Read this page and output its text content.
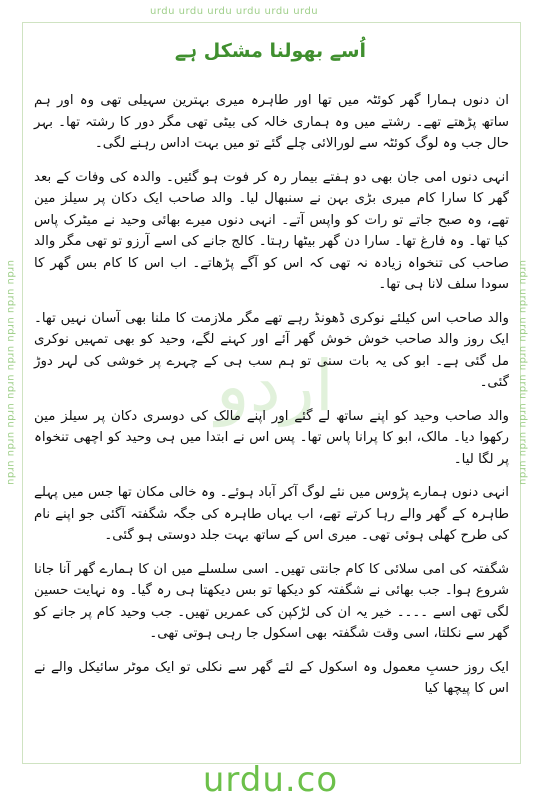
urdu urdu urdu urdu urdu urdu
urdu urdu urdu urdu urdu urdu urdu urdu	urdu urdu urdu urdu urdu urdu urdu urdu
اُسے بھولنا مشکل ہے
اردو

ان دنوں ہمارا گھر کوئٹہ میں تھا اور طاہرہ میری بہترین سہیلی تھی وہ اور ہم ساتھ پڑھتے تھے۔ رشتے میں وہ ہماری خالہ کی بیٹی تھی مگر دور کا رشتہ تھا۔ بہر حال جب وہ لوگ کوئٹہ سے لورالائی چلے گئے تو میں بہت اداس رہنے لگی۔

انہی دنوں امی جان بھی دو ہفتے بیمار رہ کر فوت ہو گئیں۔ والدہ کی وفات کے بعد گھر کا سارا کام میری بڑی بہن نے سنبھال لیا۔ والد صاحب ایک دکان پر سیلز مین تھے، وہ صبح جاتے تو رات کو واپس آتے۔ انہی دنوں میرے بھائی وحید نے میٹرک پاس کیا تھا۔ وہ فارغ تھا۔ سارا دن گھر بیٹھا رہتا۔ کالج جانے کی اسے آرزو تو تھی مگر والد صاحب کی تنخواہ زیادہ نہ تھی کہ اس کو آگے پڑھاتے۔ اب اس کا کام بس گھر کا سودا سلف لانا ہی تھا۔

والد صاحب اس کیلئے نوکری ڈھونڈ رہے تھے مگر ملازمت کا ملنا بھی آسان نہیں تھا۔ ایک روز والد صاحب خوش خوش گھر آئے اور کہنے لگے، وحید کو بھی تمہیں نوکری مل گئی ہے۔ ابو کی یہ بات سنی تو ہم سب ہی کے چہرے پر خوشی کی لہر دوڑ گئی۔

والد صاحب وحید کو اپنے ساتھ لے گئے اور اپنے مالک کی دوسری دکان پر سیلز مین رکھوا دیا۔ مالک، ابو کا پرانا پاس تھا۔ پس اس نے ابتدا میں ہی وحید کو اچھی تنخواہ پر لگا لیا۔

انہی دنوں ہمارے پڑوس میں نئے لوگ آکر آباد ہوئے۔ وہ خالی مکان تھا جس میں پہلے طاہرہ کے گھر والے رہا کرتے تھے، اب یہاں طاہرہ کی جگہ شگفتہ آگئی جو اپنے نام کی طرح کھلی ہوئی تھی۔ میری اس کے ساتھ بہت جلد دوستی ہو گئی۔

شگفتہ کی امی سلائی کا کام جانتی تھیں۔ اسی سلسلے میں ان کا ہمارے گھر آنا جانا شروع ہوا۔ جب بھائی نے شگفتہ کو دیکھا تو بس دیکھتا ہی رہ گیا۔ وہ نہایت حسین لگی تھی اسے ۔۔۔۔ خیر یہ ان کی لڑکپن کی عمریں تھیں۔ جب وحید کام پر جانے کو گھر سے نکلتا، اسی وقت شگفتہ بھی اسکول جا رہی ہوتی تھی۔

ایک روز حسبِ معمول وہ اسکول کے لئے گھر سے نکلی تو ایک موٹر سائیکل والے نے اس کا پیچھا کیا

urdu.co
